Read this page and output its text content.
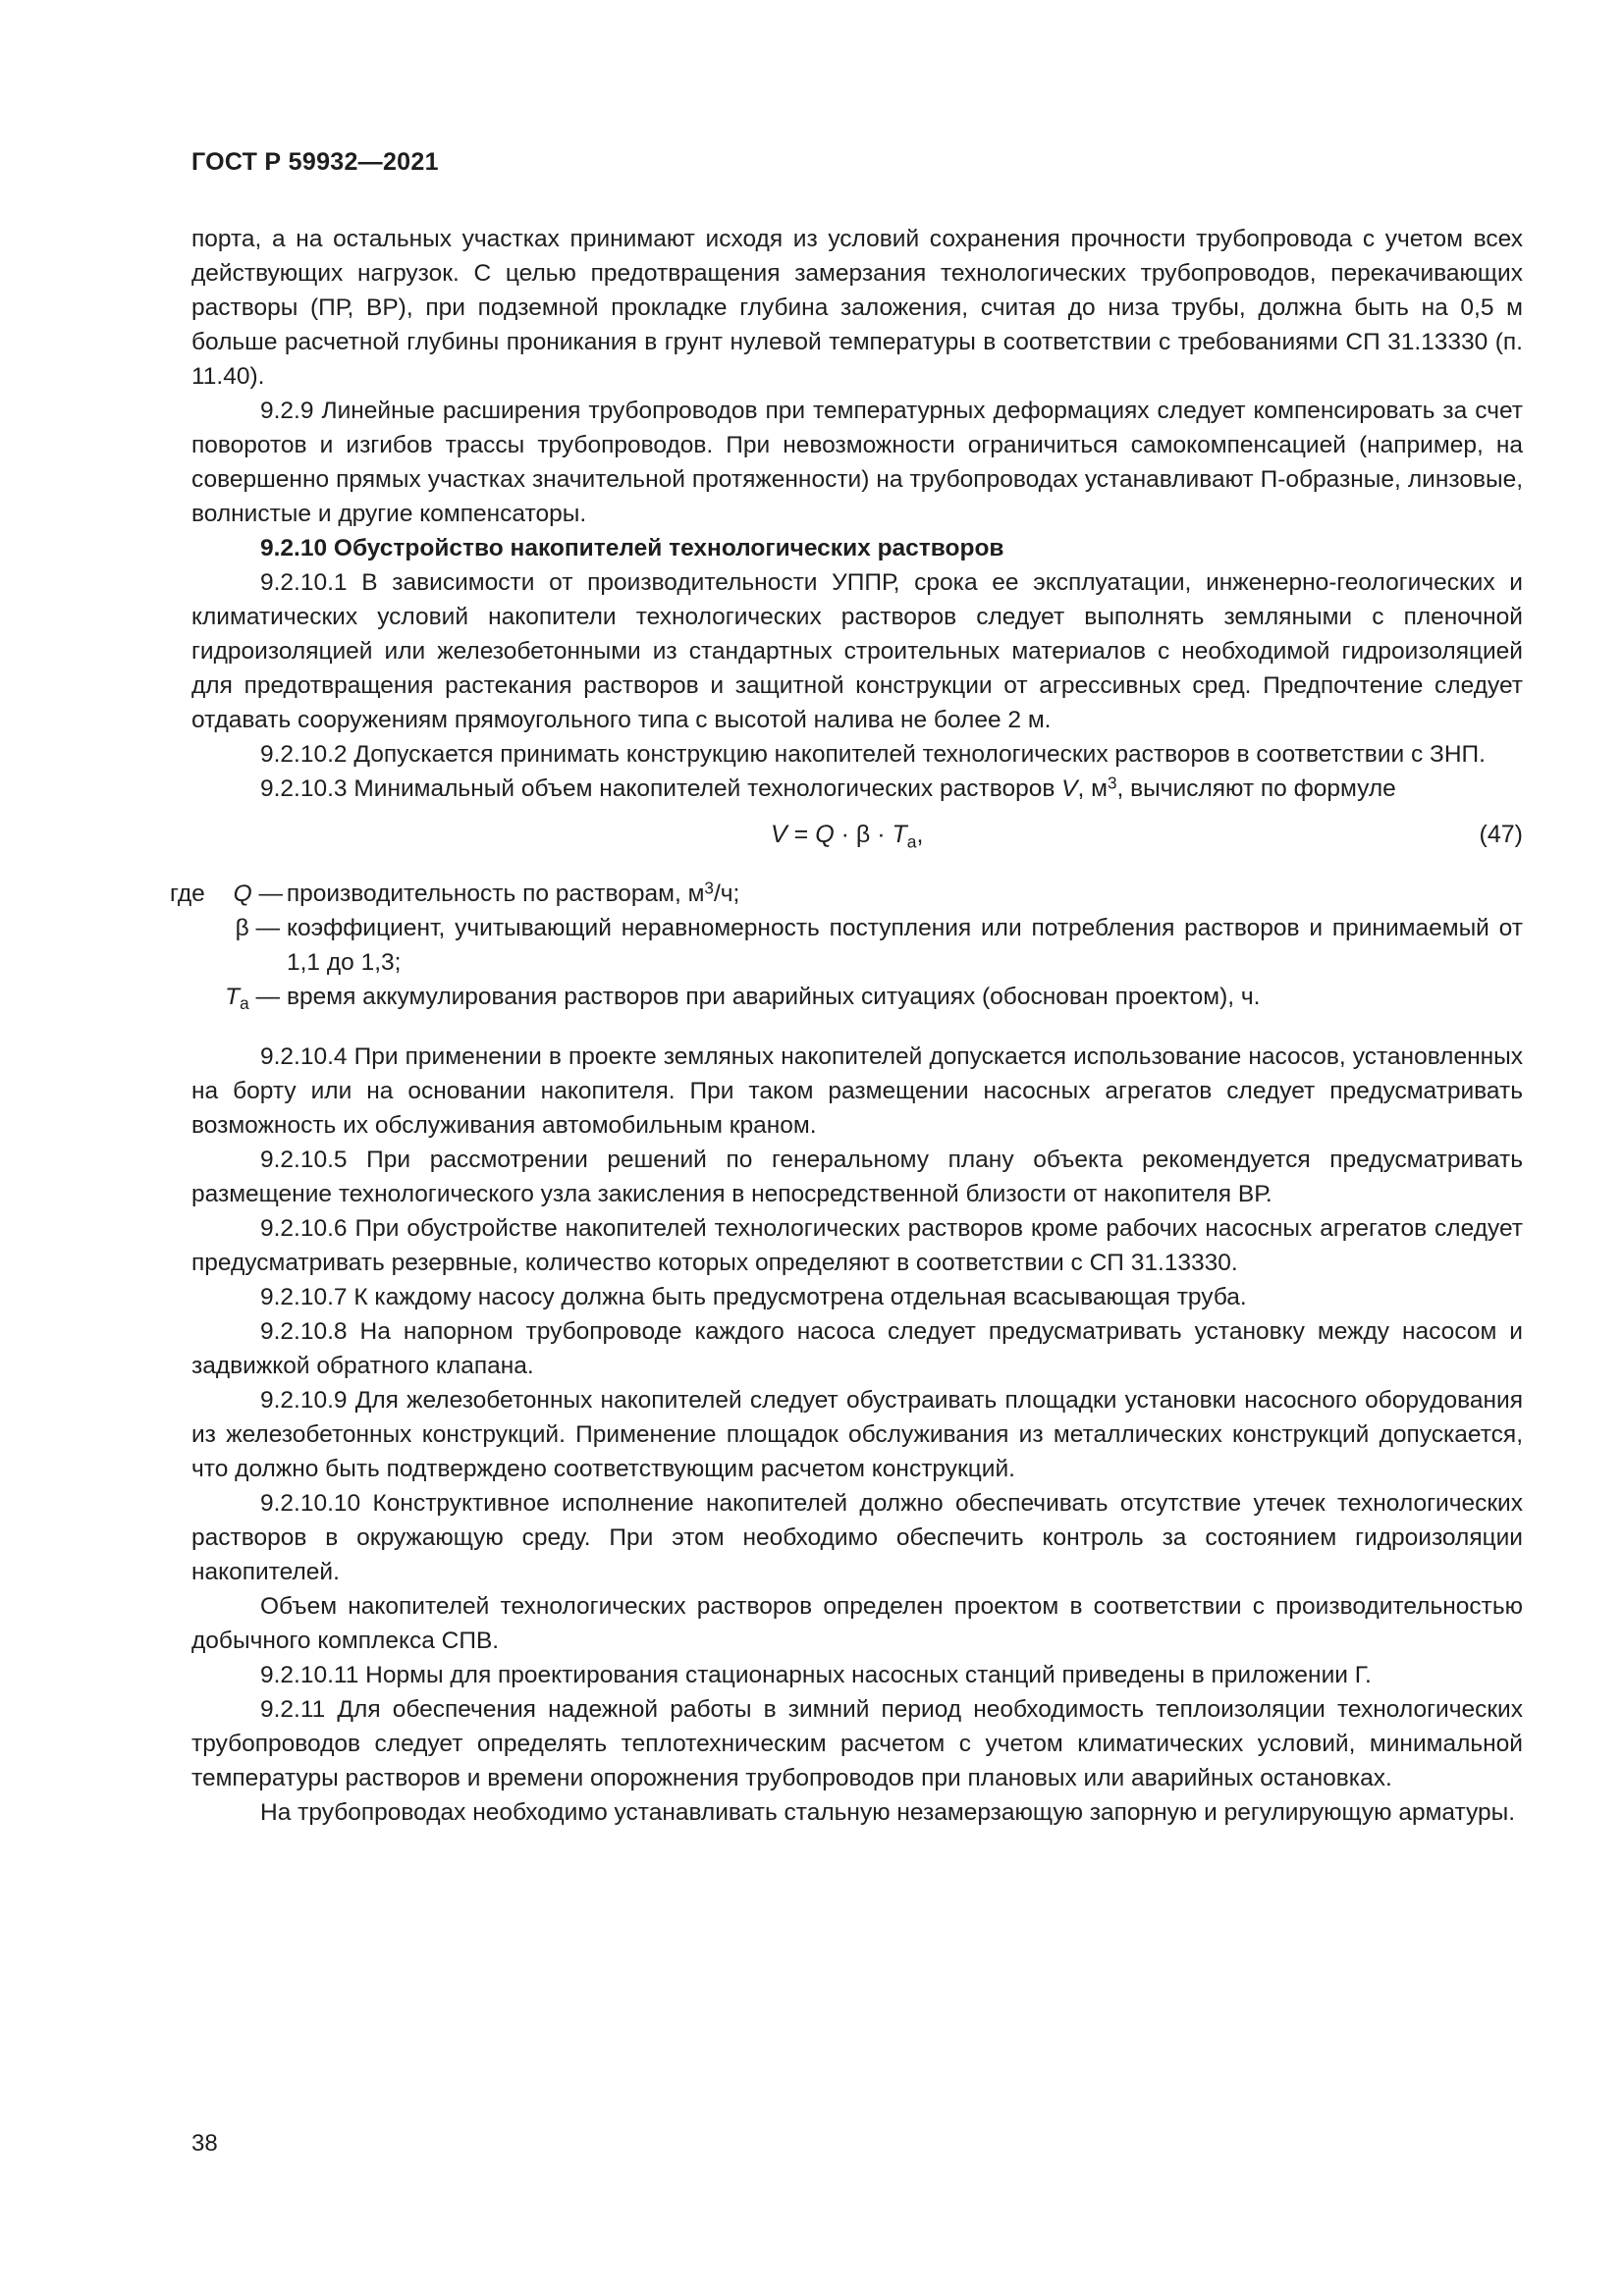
ГОСТ Р 59932—2021

порта, а на остальных участках принимают исходя из условий сохранения прочности трубопровода с учетом всех действующих нагрузок. С целью предотвращения замерзания технологических трубопроводов, перекачивающих растворы (ПР, ВР), при подземной прокладке глубина заложения, считая до низа трубы, должна быть на 0,5 м больше расчетной глубины проникания в грунт нулевой температуры в соответствии с требованиями СП 31.13330 (п. 11.40).

9.2.9 Линейные расширения трубопроводов при температурных деформациях следует компенсировать за счет поворотов и изгибов трассы трубопроводов. При невозможности ограничиться самокомпенсацией (например, на совершенно прямых участках значительной протяженности) на трубопроводах устанавливают П-образные, линзовые, волнистые и другие компенсаторы.

9.2.10 Обустройство накопителей технологических растворов

9.2.10.1 В зависимости от производительности УППР, срока ее эксплуатации, инженерно-геологических и климатических условий накопители технологических растворов следует выполнять земляными с пленочной гидроизоляцией или железобетонными из стандартных строительных материалов с необходимой гидроизоляцией для предотвращения растекания растворов и защитной конструкции от агрессивных сред. Предпочтение следует отдавать сооружениям прямоугольного типа с высотой налива не более 2 м.

9.2.10.2 Допускается принимать конструкцию накопителей технологических растворов в соответствии с ЗНП.

9.2.10.3 Минимальный объем накопителей технологических растворов V, $м^3$, вычисляют по формуле

$V = Q \cdot \beta \cdot T_а$,	(47)
где Q — производительность по растворам, $м^3/ч$;
β — коэффициент, учитывающий неравномерность поступления или потребления растворов и принимаемый от 1,1 до 1,3;
$T_а$ — время аккумулирования растворов при аварийных ситуациях (обоснован проектом), ч.

9.2.10.4 При применении в проекте земляных накопителей допускается использование насосов, установленных на борту или на основании накопителя. При таком размещении насосных агрегатов следует предусматривать возможность их обслуживания автомобильным краном.

9.2.10.5 При рассмотрении решений по генеральному плану объекта рекомендуется предусматривать размещение технологического узла закисления в непосредственной близости от накопителя ВР.

9.2.10.6 При обустройстве накопителей технологических растворов кроме рабочих насосных агрегатов следует предусматривать резервные, количество которых определяют в соответствии с СП 31.13330.

9.2.10.7 К каждому насосу должна быть предусмотрена отдельная всасывающая труба.

9.2.10.8 На напорном трубопроводе каждого насоса следует предусматривать установку между насосом и задвижкой обратного клапана.

9.2.10.9 Для железобетонных накопителей следует обустраивать площадки установки насосного оборудования из железобетонных конструкций. Применение площадок обслуживания из металлических конструкций допускается, что должно быть подтверждено соответствующим расчетом конструкций.

9.2.10.10 Конструктивное исполнение накопителей должно обеспечивать отсутствие утечек технологических растворов в окружающую среду. При этом необходимо обеспечить контроль за состоянием гидроизоляции накопителей.

Объем накопителей технологических растворов определен проектом в соответствии с производительностью добычного комплекса СПВ.

9.2.10.11 Нормы для проектирования стационарных насосных станций приведены в приложении Г.

9.2.11 Для обеспечения надежной работы в зимний период необходимость теплоизоляции технологических трубопроводов следует определять теплотехническим расчетом с учетом климатических условий, минимальной температуры растворов и времени опорожнения трубопроводов при плановых или аварийных остановках.

На трубопроводах необходимо устанавливать стальную незамерзающую запорную и регулирующую арматуры.

38
